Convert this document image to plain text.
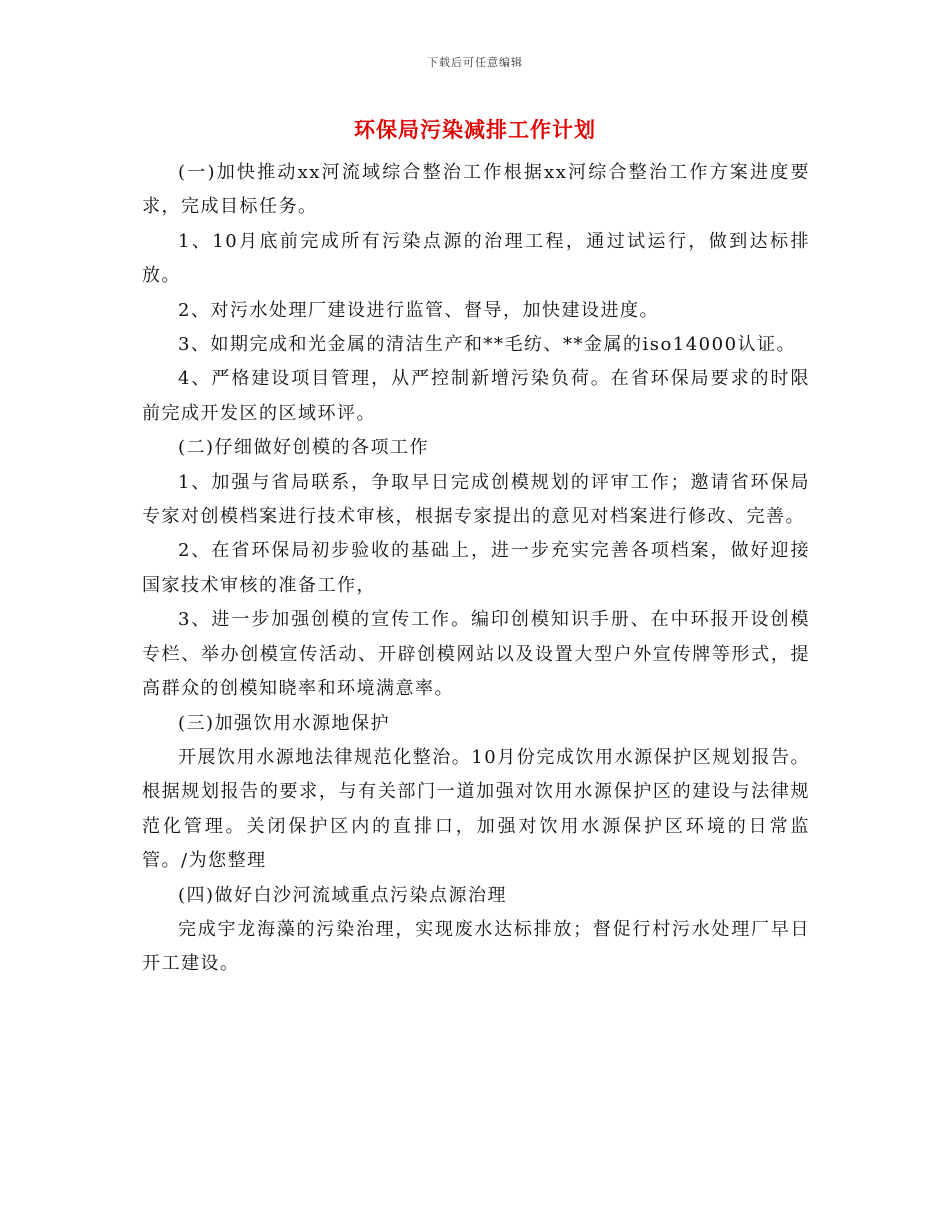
下载后可任意编辑
环保局污染减排工作计划

(一)加快推动xx河流域综合整治工作根据xx河综合整治工作方案进度要求，完成目标任务。

1、10月底前完成所有污染点源的治理工程，通过试运行，做到达标排放。

2、对污水处理厂建设进行监管、督导，加快建设进度。

3、如期完成和光金属的清洁生产和**毛纺、**金属的iso14000认证。

4、严格建设项目管理，从严控制新增污染负荷。在省环保局要求的时限前完成开发区的区域环评。

(二)仔细做好创模的各项工作

1、加强与省局联系，争取早日完成创模规划的评审工作；邀请省环保局专家对创模档案进行技术审核，根据专家提出的意见对档案进行修改、完善。

2、在省环保局初步验收的基础上，进一步充实完善各项档案，做好迎接国家技术审核的准备工作，

3、进一步加强创模的宣传工作。编印创模知识手册、在中环报开设创模专栏、举办创模宣传活动、开辟创模网站以及设置大型户外宣传牌等形式，提高群众的创模知晓率和环境满意率。

(三)加强饮用水源地保护

开展饮用水源地法律规范化整治。10月份完成饮用水源保护区规划报告。根据规划报告的要求，与有关部门一道加强对饮用水源保护区的建设与法律规范化管理。关闭保护区内的直排口，加强对饮用水源保护区环境的日常监管。/为您整理

(四)做好白沙河流域重点污染点源治理

完成宇龙海藻的污染治理，实现废水达标排放；督促行村污水处理厂早日开工建设。
